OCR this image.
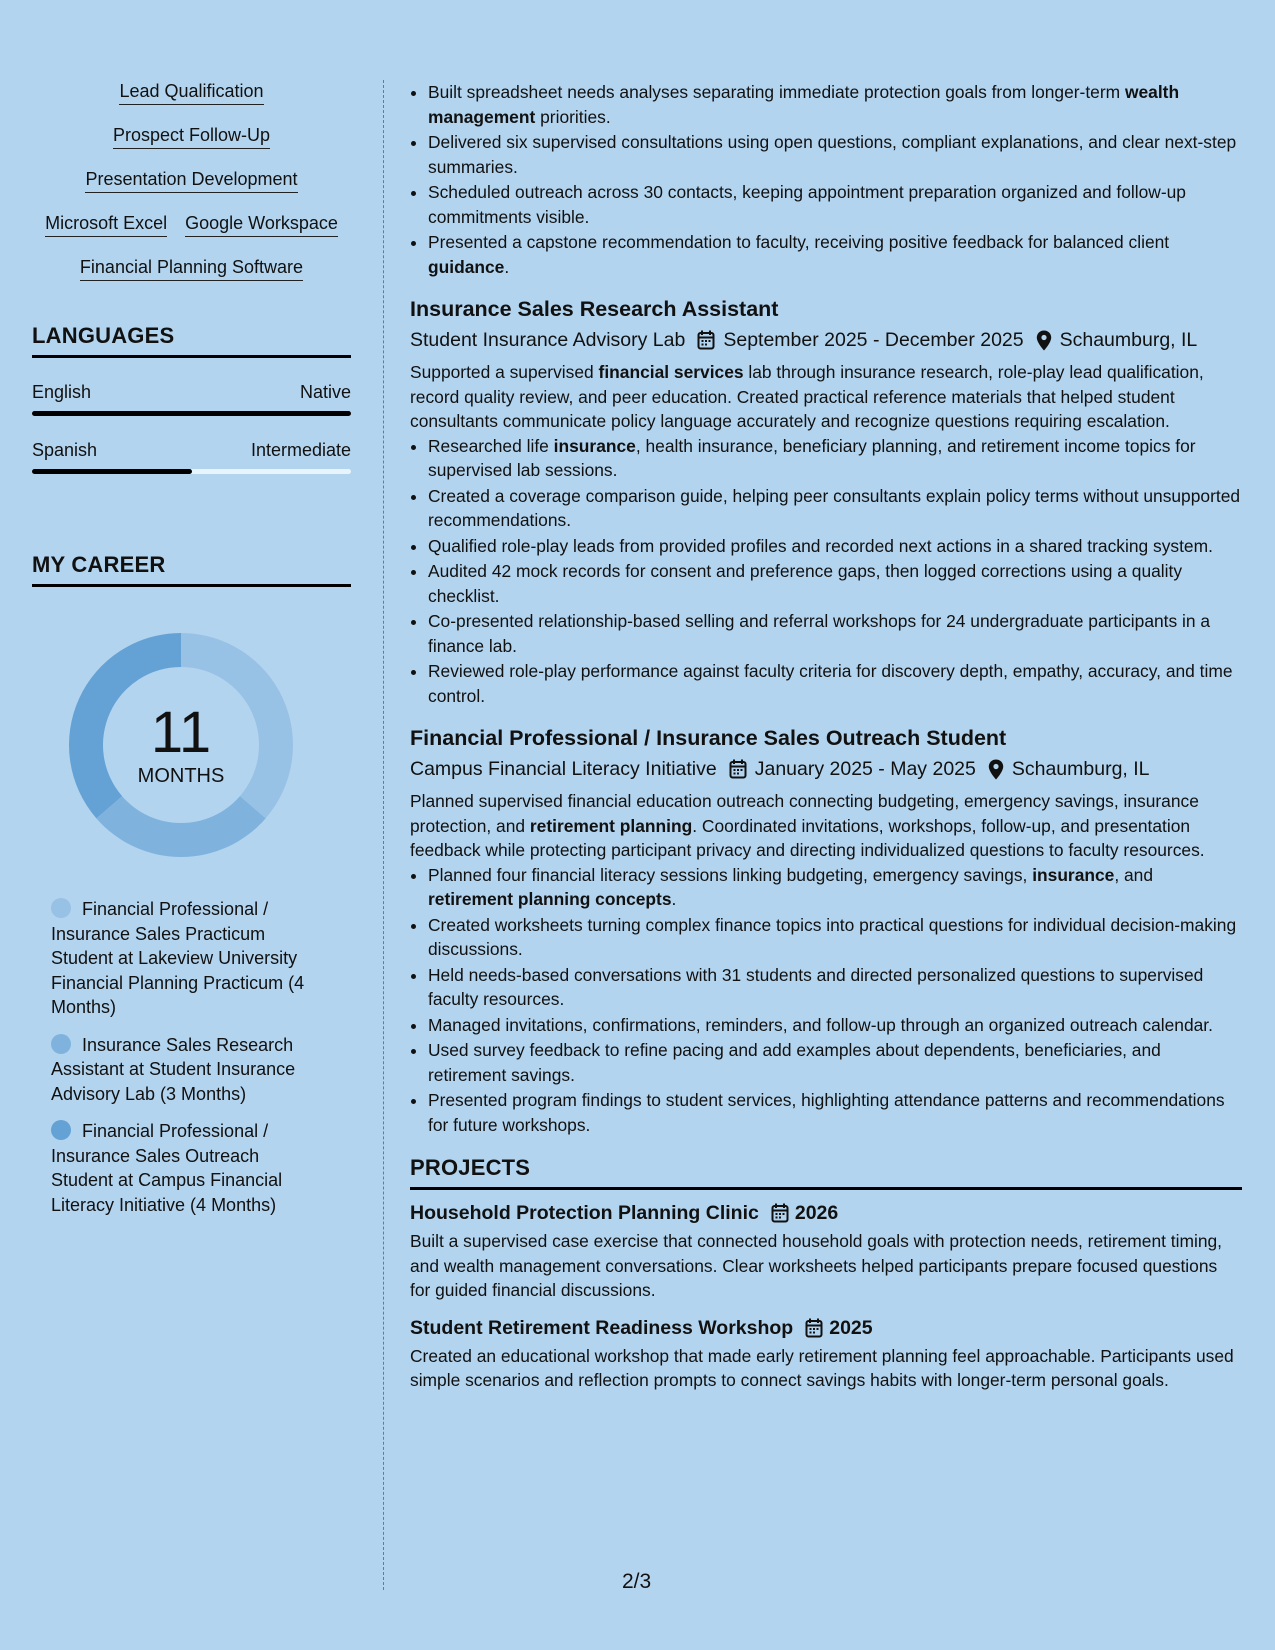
Lead Qualification
Prospect Follow-Up
Presentation Development
Microsoft Excel Google Workspace
Financial Planning Software
LANGUAGES
English	Native
Spanish	Intermediate
MY CAREER
11
MONTHS
Financial Professional / Insurance Sales Practicum Student at Lakeview University Financial Planning Practicum (4 Months)
Insurance Sales Research Assistant at Student Insurance Advisory Lab (3 Months)
Financial Professional / Insurance Sales Outreach Student at Campus Financial Literacy Initiative (4 Months)
• Built spreadsheet needs analyses separating immediate protection goals from longer-term wealth management priorities.
• Delivered six supervised consultations using open questions, compliant explanations, and clear next-step summaries.
• Scheduled outreach across 30 contacts, keeping appointment preparation organized and follow-up commitments visible.
• Presented a capstone recommendation to faculty, receiving positive feedback for balanced client guidance.
Insurance Sales Research Assistant
Student Insurance Advisory Lab September 2025 - December 2025 Schaumburg, IL
Supported a supervised financial services lab through insurance research, role-play lead qualification, record quality review, and peer education. Created practical reference materials that helped student consultants communicate policy language accurately and recognize questions requiring escalation.
• Researched life insurance, health insurance, beneficiary planning, and retirement income topics for supervised lab sessions.
• Created a coverage comparison guide, helping peer consultants explain policy terms without unsupported recommendations.
• Qualified role-play leads from provided profiles and recorded next actions in a shared tracking system.
• Audited 42 mock records for consent and preference gaps, then logged corrections using a quality checklist.
• Co-presented relationship-based selling and referral workshops for 24 undergraduate participants in a finance lab.
• Reviewed role-play performance against faculty criteria for discovery depth, empathy, accuracy, and time control.
Financial Professional / Insurance Sales Outreach Student
Campus Financial Literacy Initiative January 2025 - May 2025 Schaumburg, IL
Planned supervised financial education outreach connecting budgeting, emergency savings, insurance protection, and retirement planning. Coordinated invitations, workshops, follow-up, and presentation feedback while protecting participant privacy and directing individualized questions to faculty resources.
• Planned four financial literacy sessions linking budgeting, emergency savings, insurance, and retirement planning concepts.
• Created worksheets turning complex finance topics into practical questions for individual decision-making discussions.
• Held needs-based conversations with 31 students and directed personalized questions to supervised faculty resources.
• Managed invitations, confirmations, reminders, and follow-up through an organized outreach calendar.
• Used survey feedback to refine pacing and add examples about dependents, beneficiaries, and retirement savings.
• Presented program findings to student services, highlighting attendance patterns and recommendations for future workshops.
PROJECTS
Household Protection Planning Clinic 2026
Built a supervised case exercise that connected household goals with protection needs, retirement timing, and wealth management conversations. Clear worksheets helped participants prepare focused questions for guided financial discussions.
Student Retirement Readiness Workshop 2025
Created an educational workshop that made early retirement planning feel approachable. Participants used simple scenarios and reflection prompts to connect savings habits with longer-term personal goals.
2/3
